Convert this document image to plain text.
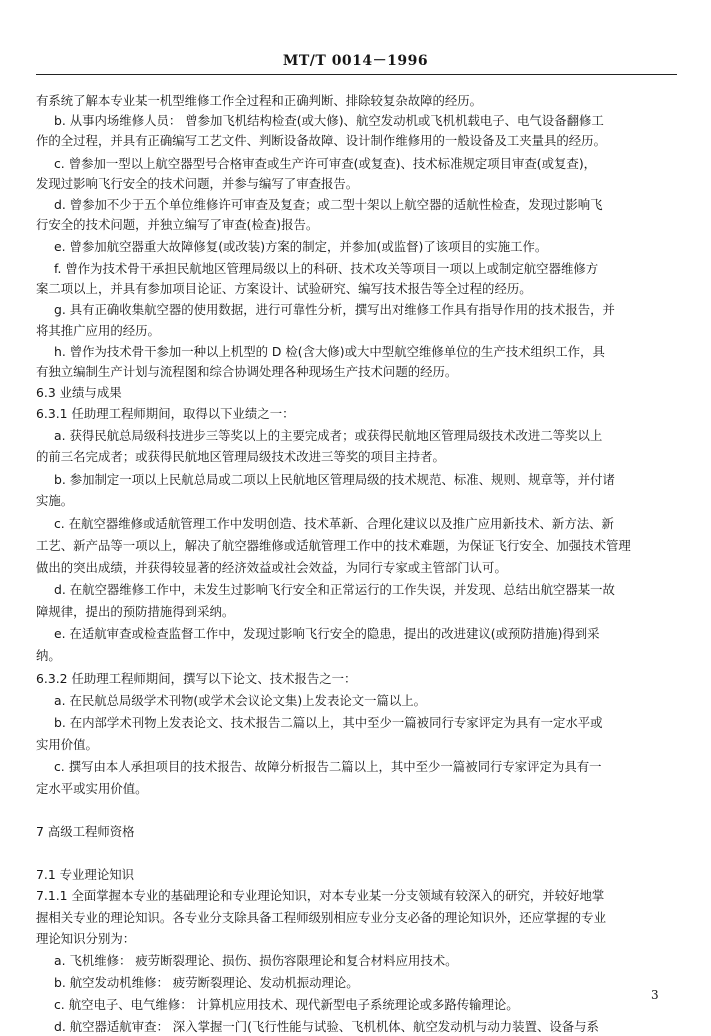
MT/T 0014－1996
有系统了解本专业某一机型维修工作全过程和正确判断、排除较复杂故障的经历。
b. 从事内场维修人员： 曾参加飞机结构检查(或大修)、航空发动机或飞机机载电子、电气设备翻修工
作的全过程，并具有正确编写工艺文件、判断设备故障、设计制作维修用的一般设备及工夹量具的经历。
c. 曾参加一型以上航空器型号合格审查或生产许可审查(或复查)、技术标准规定项目审查(或复查)，
发现过影响飞行安全的技术问题，并参与编写了审查报告。
d. 曾参加不少于五个单位维修许可审查及复查；或二型十架以上航空器的适航性检查，发现过影响飞
行安全的技术问题，并独立编写了审查(检查)报告。
e. 曾参加航空器重大故障修复(或改装)方案的制定，并参加(或监督)了该项目的实施工作。
f. 曾作为技术骨干承担民航地区管理局级以上的科研、技术攻关等项目一项以上或制定航空器维修方
案二项以上，并具有参加项目论证、方案设计、试验研究、编写技术报告等全过程的经历。
g. 具有正确收集航空器的使用数据，进行可靠性分析，撰写出对维修工作具有指导作用的技术报告，并
将其推广应用的经历。
h. 曾作为技术骨干参加一种以上机型的 D 检(含大修)或大中型航空维修单位的生产技术组织工作，具
有独立编制生产计划与流程图和综合协调处理各种现场生产技术问题的经历。
6.3 业绩与成果
6.3.1 任助理工程师期间，取得以下业绩之一：
a. 获得民航总局级科技进步三等奖以上的主要完成者；或获得民航地区管理局级技术改进二等奖以上
的前三名完成者；或获得民航地区管理局级技术改进三等奖的项目主持者。
b. 参加制定一项以上民航总局或二项以上民航地区管理局级的技术规范、标准、规则、规章等，并付诸
实施。
c. 在航空器维修或适航管理工作中发明创造、技术革新、合理化建议以及推广应用新技术、新方法、新
工艺、新产品等一项以上，解决了航空器维修或适航管理工作中的技术难题，为保证飞行安全、加强技术管理
做出的突出成绩，并获得较显著的经济效益或社会效益，为同行专家或主管部门认可。
d. 在航空器维修工作中，未发生过影响飞行安全和正常运行的工作失误，并发现、总结出航空器某一故
障规律，提出的预防措施得到采纳。
e. 在适航审查或检查监督工作中，发现过影响飞行安全的隐患，提出的改进建议(或预防措施)得到采
纳。
6.3.2 任助理工程师期间，撰写以下论文、技术报告之一：
a. 在民航总局级学术刊物(或学术会议论文集)上发表论文一篇以上。
b. 在内部学术刊物上发表论文、技术报告二篇以上，其中至少一篇被同行专家评定为具有一定水平或
实用价值。
c. 撰写由本人承担项目的技术报告、故障分析报告二篇以上，其中至少一篇被同行专家评定为具有一
定水平或实用价值。
7 高级工程师资格
7.1 专业理论知识
7.1.1 全面掌握本专业的基础理论和专业理论知识，对本专业某一分支领域有较深入的研究，并较好地掌
握相关专业的理论知识。各专业分支除具备工程师级别相应专业分支必备的理论知识外，还应掌握的专业
理论知识分别为：
a. 飞机维修： 疲劳断裂理论、损伤、损伤容限理论和复合材料应用技术。
b. 航空发动机维修： 疲劳断裂理论、发动机振动理论。
c. 航空电子、电气维修： 计算机应用技术、现代新型电子系统理论或多路传输理论。
d. 航空器适航审查： 深入掌握一门(飞行性能与试验、飞机机体、航空发动机与动力装置、设备与系
3
